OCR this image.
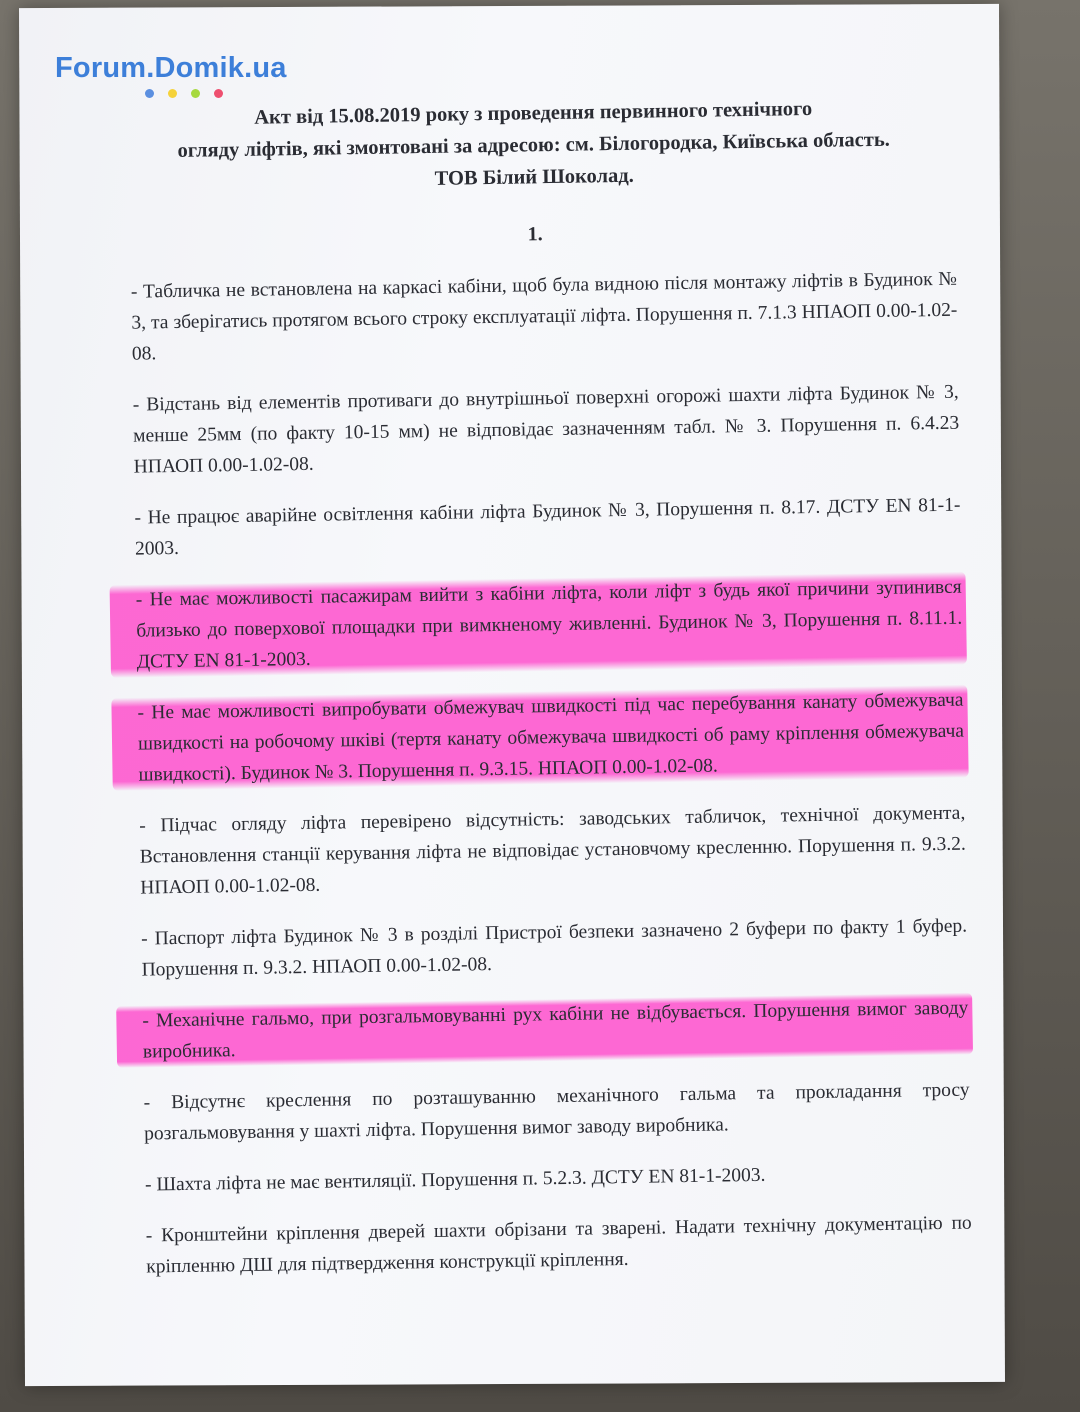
Forum.Domik.ua

Акт від 15.08.2019 року з проведення первинного технічного
огляду ліфтів, які змонтовані за адресою: см. Білогородка, Київська область.
ТОВ Білий Шоколад.

1.

- Табличка не встановлена на каркасі кабіни, щоб була видною після монтажу ліфтів в Будинок № 3, та зберігатись протягом всього строку експлуатації ліфта. Порушення п. 7.1.3 НПАОП 0.00-1.02-08.

- Відстань від елементів противаги до внутрішньої поверхні огорожі шахти ліфта Будинок № 3, менше 25мм (по факту 10-15 мм) не відповідає зазначенням табл. № 3. Порушення п. 6.4.23 НПАОП 0.00-1.02-08.

- Не працює аварійне освітлення кабіни ліфта Будинок № 3, Порушення п. 8.17. ДСТУ EN 81-1-2003.

- Не має можливості пасажирам вийти з кабіни ліфта, коли ліфт з будь якої причини зупинився близько до поверхової площадки при вимкненому живленні. Будинок № 3, Порушення п. 8.11.1. ДСТУ EN 81-1-2003.

- Не має можливості випробувати обмежувач швидкості під час перебування канату обмежувача швидкості на робочому шківі (тертя канату обмежувача швидкості об раму кріплення обмежувача швидкості). Будинок № 3. Порушення п. 9.3.15. НПАОП 0.00-1.02-08.

- Підчас огляду ліфта перевірено відсутність: заводських табличок, технічної документа, Встановлення станції керування ліфта не відповідає установчому кресленню. Порушення п. 9.3.2. НПАОП 0.00-1.02-08.

- Паспорт ліфта Будинок № 3 в розділі Пристрої безпеки зазначено 2 буфери по факту 1 буфер. Порушення п. 9.3.2. НПАОП 0.00-1.02-08.

- Механічне гальмо, при розгальмовуванні рух кабіни не відбувається. Порушення вимог заводу виробника.

- Відсутнє креслення по розташуванню механічного гальма та прокладання тросу розгальмовування у шахті ліфта. Порушення вимог заводу виробника.

- Шахта ліфта не має вентиляції. Порушення п. 5.2.3. ДСТУ EN 81-1-2003.

- Кронштейни кріплення дверей шахти обрізани та зварені. Надати технічну документацію по кріпленню ДШ для підтвердження конструкції кріплення.
